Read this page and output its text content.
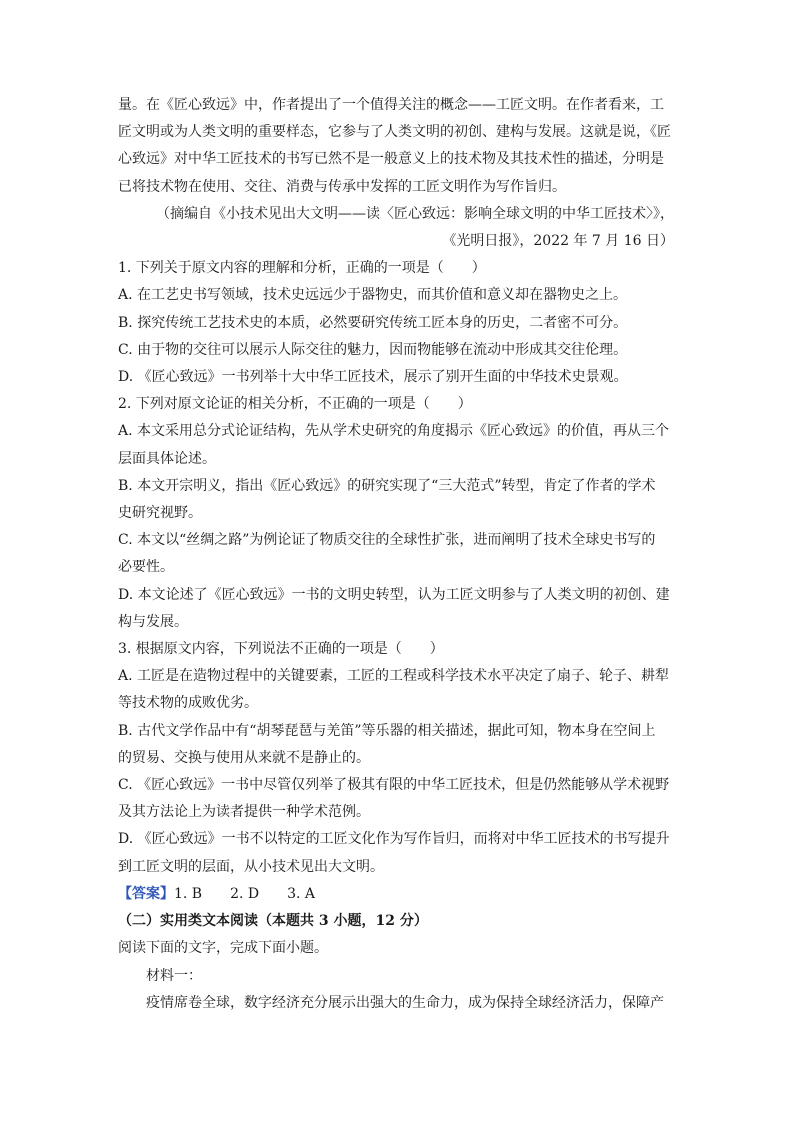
量。在《匠心致远》中，作者提出了一个值得关注的概念——工匠文明。在作者看来，工
匠文明或为人类文明的重要样态，它参与了人类文明的初创、建构与发展。这就是说，《匠
心致远》对中华工匠技术的书写已然不是一般意义上的技术物及其技术性的描述，分明是
已将技术物在使用、交往、消费与传承中发挥的工匠文明作为写作旨归。
（摘编自《小技术见出大文明——读〈匠心致远：影响全球文明的中华工匠技术〉》，
《光明日报》，2022 年 7 月 16 日）
1. 下列关于原文内容的理解和分析，正确的一项是（　　）
A. 在工艺史书写领域，技术史远远少于器物史，而其价值和意义却在器物史之上。
B. 探究传统工艺技术史的本质，必然要研究传统工匠本身的历史，二者密不可分。
C. 由于物的交往可以展示人际交往的魅力，因而物能够在流动中形成其交往伦理。
D. 《匠心致远》一书列举十大中华工匠技术，展示了别开生面的中华技术史景观。
2. 下列对原文论证的相关分析，不正确的一项是（　　）
A. 本文采用总分式论证结构，先从学术史研究的角度揭示《匠心致远》的价值，再从三个
层面具体论述。
B. 本文开宗明义，指出《匠心致远》的研究实现了“三大范式”转型，肯定了作者的学术
史研究视野。
C. 本文以“丝绸之路”为例论证了物质交往的全球性扩张，进而阐明了技术全球史书写的
必要性。
D. 本文论述了《匠心致远》一书的文明史转型，认为工匠文明参与了人类文明的初创、建
构与发展。
3. 根据原文内容，下列说法不正确的一项是（　　）
A. 工匠是在造物过程中的关键要素，工匠的工程或科学技术水平决定了扇子、轮子、耕犁
等技术物的成败优劣。
B. 古代文学作品中有“胡琴琵琶与羌笛”等乐器的相关描述，据此可知，物本身在空间上
的贸易、交换与使用从来就不是静止的。
C. 《匠心致远》一书中尽管仅列举了极其有限的中华工匠技术，但是仍然能够从学术视野
及其方法论上为读者提供一种学术范例。
D. 《匠心致远》一书不以特定的工匠文化作为写作旨归，而将对中华工匠技术的书写提升
到工匠文明的层面，从小技术见出大文明。
【答案】1. B　　2. D　　3. A
（二）实用类文本阅读（本题共 3 小题，12 分）
阅读下面的文字，完成下面小题。
材料一：
疫情席卷全球，数字经济充分展示出强大的生命力，成为保持全球经济活力，保障产
